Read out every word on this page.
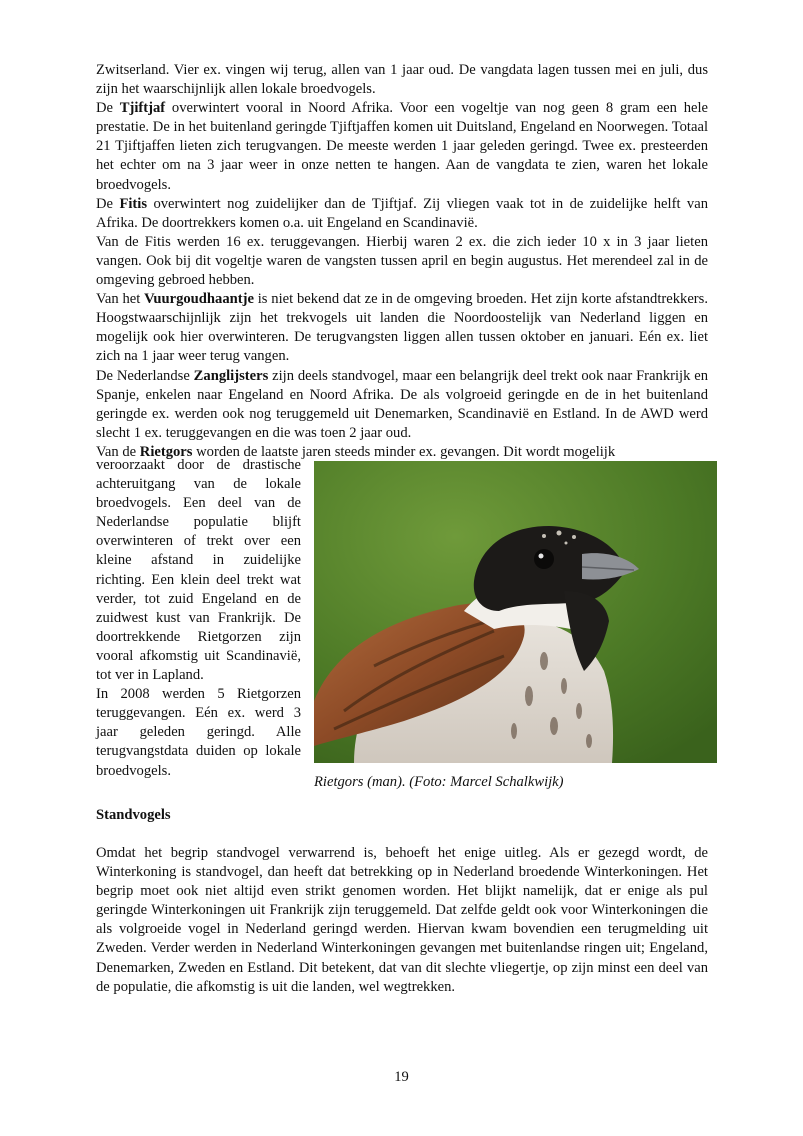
Zwitserland. Vier ex. vingen wij terug, allen van 1 jaar oud. De vangdata lagen tussen mei en juli, dus zijn het waarschijnlijk allen lokale broedvogels.

De Tjiftjaf overwintert vooral in Noord Afrika. Voor een vogeltje van nog geen 8 gram een hele prestatie. De in het buitenland geringde Tjiftjaffen komen uit Duitsland, Engeland en Noorwegen. Totaal 21 Tjiftjaffen lieten zich terugvangen. De meeste werden 1 jaar geleden geringd. Twee ex. presteerden het echter om na 3 jaar weer in onze netten te hangen. Aan de vangdata te zien, waren het lokale broedvogels.

De Fitis overwintert nog zuidelijker dan de Tjiftjaf. Zij vliegen vaak tot in de zuidelijke helft van Afrika. De doortrekkers komen o.a. uit Engeland en Scandinavië.

Van de Fitis werden 16 ex. teruggevangen. Hierbij waren 2 ex. die zich ieder 10 x in 3 jaar lieten vangen. Ook bij dit vogeltje waren de vangsten tussen april en begin augustus. Het merendeel zal in de omgeving gebroed hebben.

Van het Vuurgoudhaantje is niet bekend dat ze in de omgeving broeden. Het zijn korte afstandtrekkers. Hoogstwaarschijnlijk zijn het trekvogels uit landen die Noordoostelijk van Nederland liggen en mogelijk ook hier overwinteren. De terugvangsten liggen allen tussen oktober en januari. Eén ex. liet zich na 1 jaar weer terug vangen.

De Nederlandse Zanglijsters zijn deels standvogel, maar een belangrijk deel trekt ook naar Frankrijk en Spanje, enkelen naar Engeland en Noord Afrika. De als volgroeid geringde en de in het buitenland geringde ex. werden ook nog teruggemeld uit Denemarken, Scandinavië en Estland. In de AWD werd slecht 1 ex. teruggevangen en die was toen 2 jaar oud.

Van de Rietgors worden de laatste jaren steeds minder ex. gevangen. Dit wordt mogelijk

veroorzaakt door de drastische achteruitgang van de lokale broedvogels. Een deel van de Nederlandse populatie blijft overwinteren of trekt over een kleine afstand in zuidelijke richting. Een klein deel trekt wat verder, tot zuid Engeland en de zuidwest kust van Frankrijk. De doortrekkende Rietgorzen zijn vooral afkomstig uit Scandinavië, tot ver in Lapland.

In 2008 werden 5 Rietgorzen teruggevangen. Eén ex. werd 3 jaar geleden geringd. Alle terugvangstdata duiden op lokale broedvogels.

Rietgors (man). (Foto: Marcel Schalkwijk)
Standvogels

Omdat het begrip standvogel verwarrend is, behoeft het enige uitleg. Als er gezegd wordt, de Winterkoning is standvogel, dan heeft dat betrekking op in Nederland broedende Winterkoningen. Het begrip moet ook niet altijd even strikt genomen worden. Het blijkt namelijk, dat er enige als pul geringde Winterkoningen uit Frankrijk zijn teruggemeld. Dat zelfde geldt ook voor Winterkoningen die als volgroeide vogel in Nederland geringd werden. Hiervan kwam bovendien een terugmelding uit Zweden. Verder werden in Nederland Winterkoningen gevangen met buitenlandse ringen uit; Engeland, Denemarken, Zweden en Estland. Dit betekent, dat van dit slechte vliegertje, op zijn minst een deel van de populatie, die afkomstig is uit die landen, wel wegtrekken.

19
